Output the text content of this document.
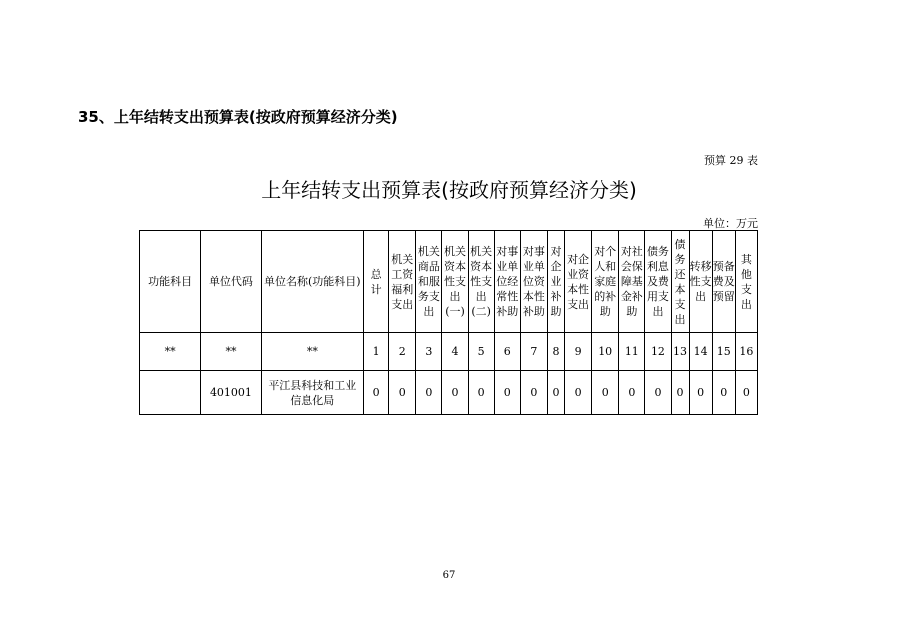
35、上年结转支出预算表(按政府预算经济分类)
预算 29 表
上年结转支出预算表(按政府预算经济分类)
单位：万元
功能科目	单位代码	单位名称(功能科目)	总计	机关工资福利支出	机关商品和服务支出	机关资本性支出(一)	机关资本性支出(二)	对事业单位经常性补助	对事业单位资本性补助	对企业补助	对企业资本性支出	对个人和家庭的补助	对社会保障基金补助	债务利息及费用支出	债务还本支出	转移性支出	预备费及预留	其他支出

**	**	**	1	2	3	4	5	6	7	8	9	10	11	12	13	14	15	16
	401001	平江县科技和工业信息化局	0	0	0	0	0	0	0	0	0	0	0	0	0	0	0	0
67
